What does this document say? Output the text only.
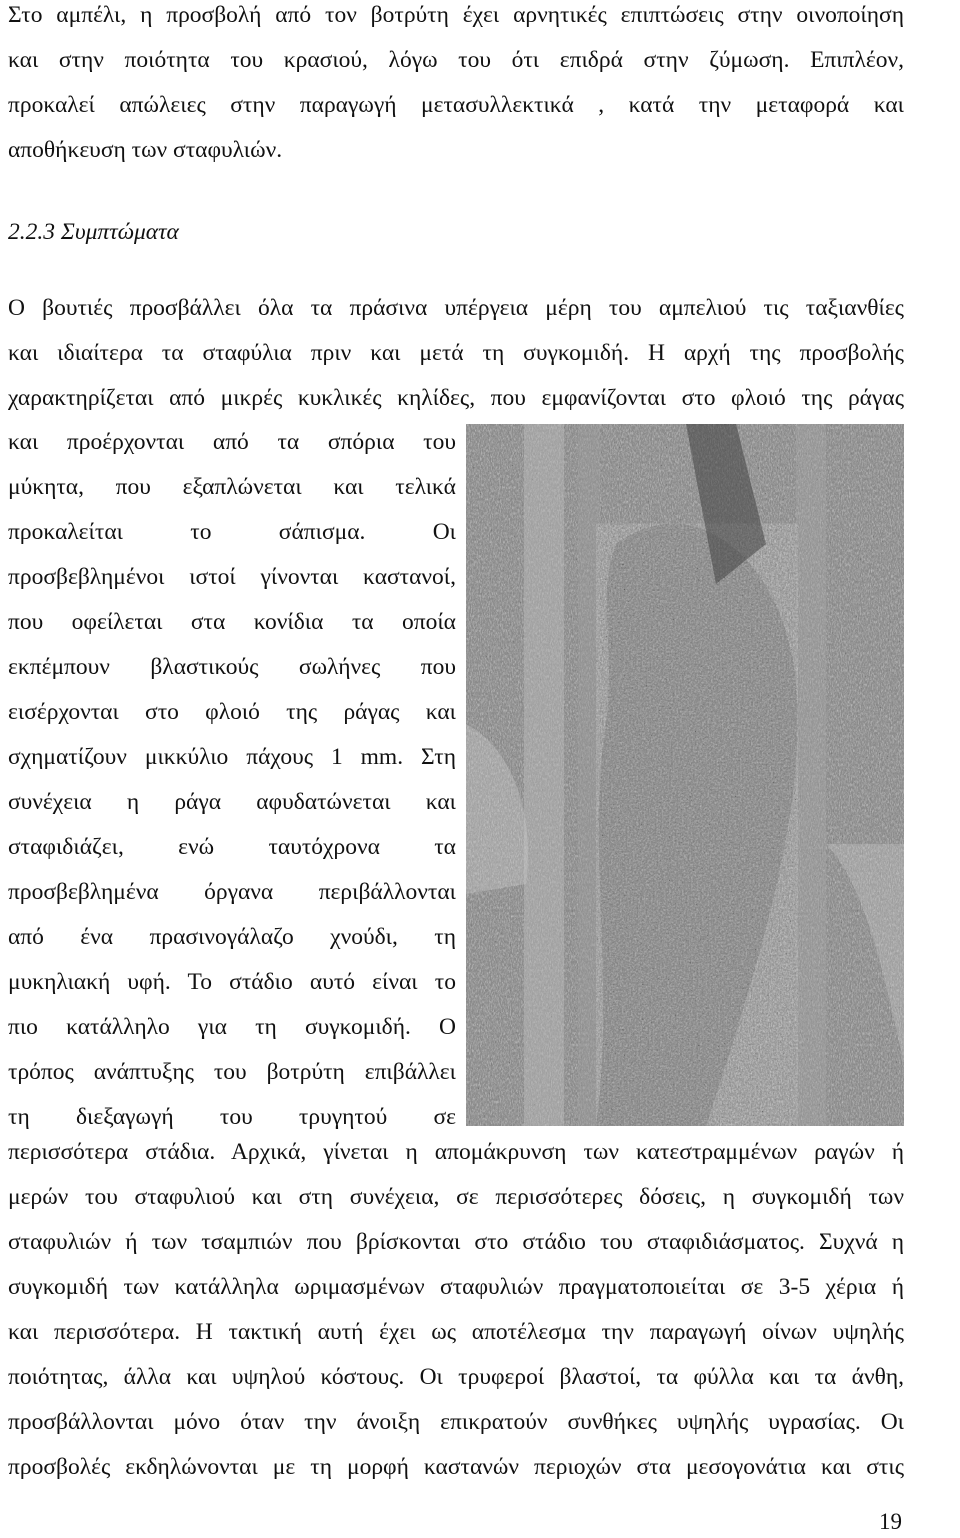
Στο αμπέλι, η προσβολή από τον βοτρύτη έχει αρνητικές επιπτώσεις στην οινοποίηση
και στην ποιότητα του κρασιού, λόγω του ότι επιδρά στην ζύμωση. Επιπλέον,
προκαλεί απώλειες στην παραγωγή μετασυλλεκτικά , κατά την μεταφορά και
αποθήκευση των σταφυλιών.
2.2.3 Συμπτώματα
Ο βουτιές προσβάλλει όλα τα πράσινα υπέργεια μέρη του αμπελιού τις ταξιανθίες
και ιδιαίτερα τα σταφύλια πριν και μετά τη συγκομιδή. Η αρχή της προσβολής
χαρακτηρίζεται από μικρές κυκλικές κηλίδες, που εμφανίζονται στο φλοιό της ράγας
και προέρχονται από τα σπόρια του
μύκητα, που εξαπλώνεται και τελικά
προκαλείται το σάπισμα. Οι
προσβεβλημένοι ιστοί γίνονται καστανοί,
που οφείλεται στα κονίδια τα οποία
εκπέμπουν βλαστικούς σωλήνες που
εισέρχονται στο φλοιό της ράγας και
σχηματίζουν μικκύλιο πάχους 1 mm. Στη
συνέχεια η ράγα αφυδατώνεται και
σταφιδιάζει, ενώ ταυτόχρονα τα
προσβεβλημένα όργανα περιβάλλονται
από ένα πρασινογάλαζο χνούδι, τη
μυκηλιακή υφή. Το στάδιο αυτό είναι το
πιο κατάλληλο για τη συγκομιδή. Ο
τρόπος ανάπτυξης του βοτρύτη επιβάλλει
τη διεξαγωγή του τρυγητού σε
περισσότερα στάδια. Αρχικά, γίνεται η απομάκρυνση των κατεστραμμένων ραγών ή
μερών του σταφυλιού και στη συνέχεια, σε περισσότερες δόσεις, η συγκομιδή των
σταφυλιών ή των τσαμπιών που βρίσκονται στο στάδιο του σταφιδιάσματος. Συχνά η
συγκομιδή των κατάλληλα ωριμασμένων σταφυλιών πραγματοποιείται σε 3-5 χέρια ή
και περισσότερα. Η τακτική αυτή έχει ως αποτέλεσμα την παραγωγή οίνων υψηλής
ποιότητας, άλλα και υψηλού κόστους. Οι τρυφεροί βλαστοί, τα φύλλα και τα άνθη,
προσβάλλονται μόνο όταν την άνοιξη επικρατούν συνθήκες υψηλής υγρασίας. Οι
προσβολές εκδηλώνονται με τη μορφή καστανών περιοχών στα μεσογονάτια και στις
19
